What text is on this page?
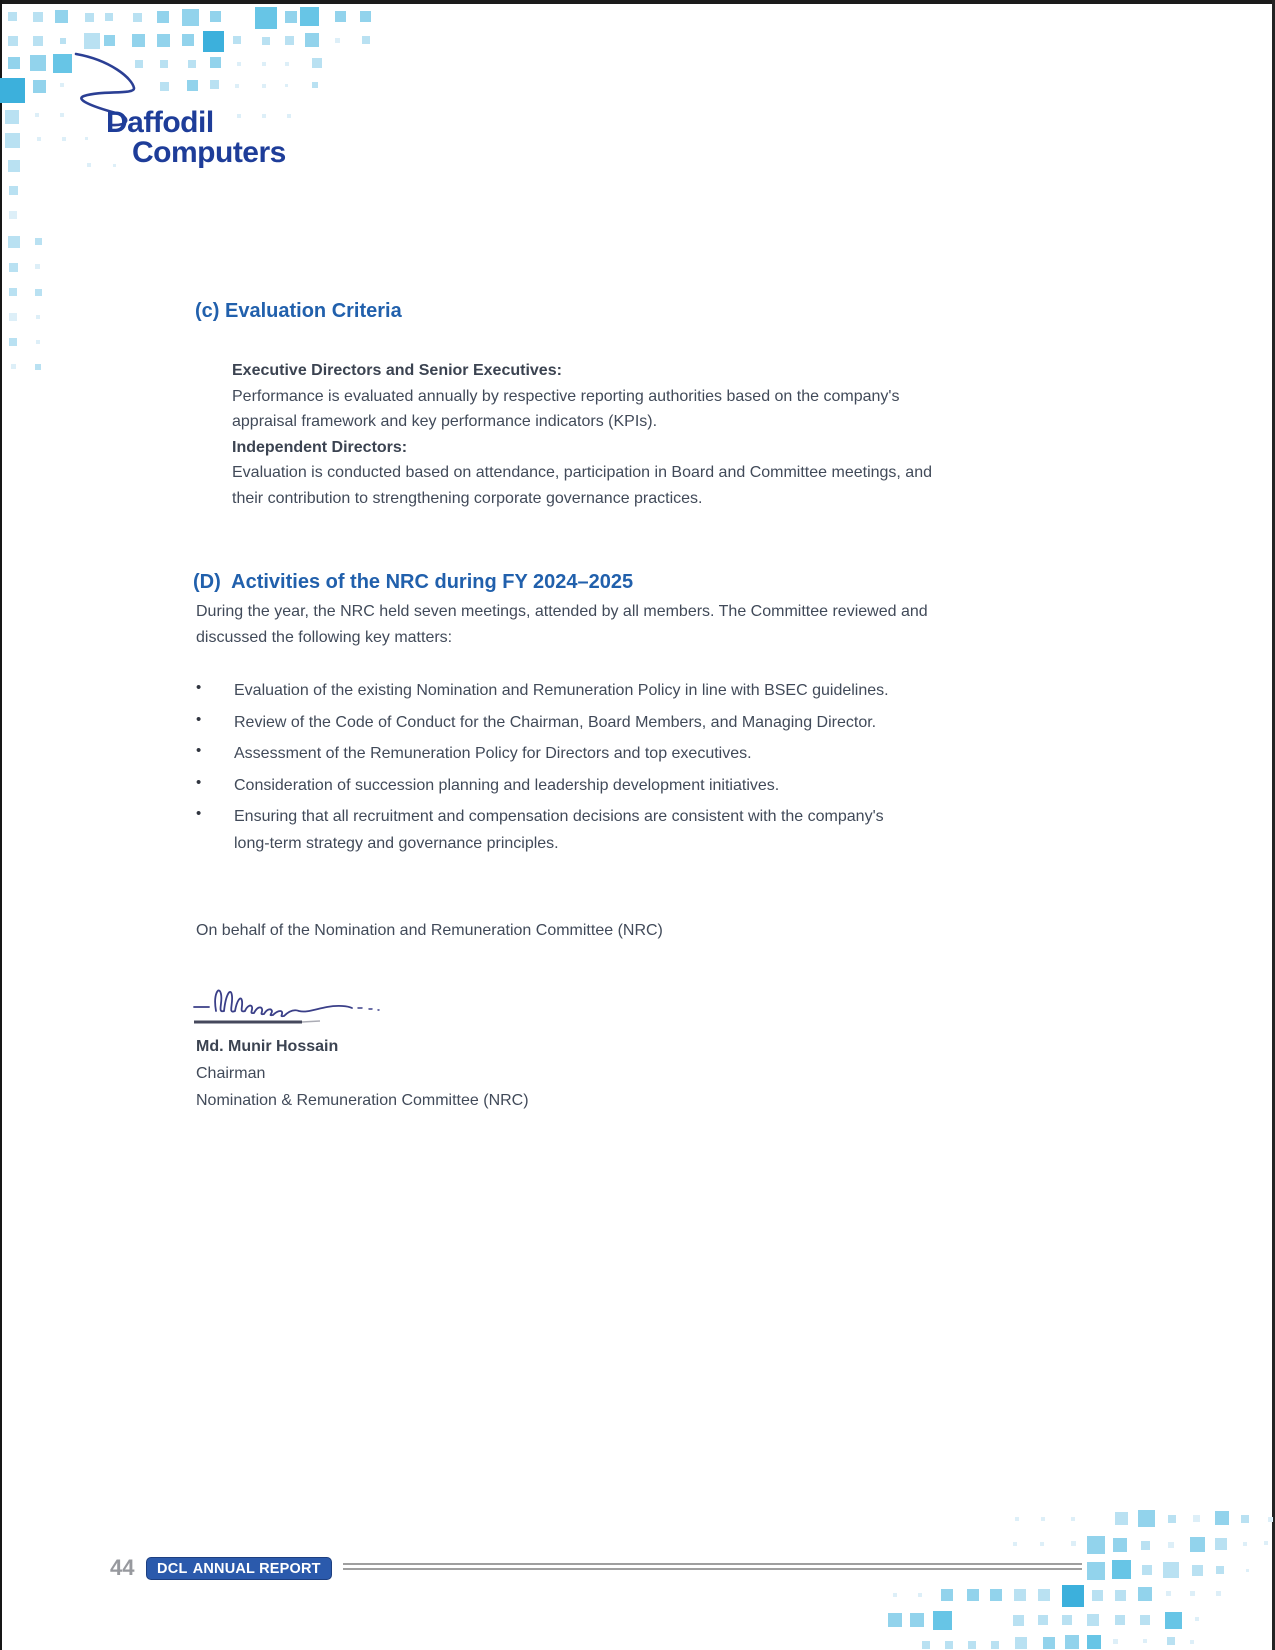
Daffodil
Computers
(c) Evaluation Criteria
Executive Directors and Senior Executives:
Performance is evaluated annually by respective reporting authorities based on the company's
appraisal framework and key performance indicators (KPIs).
Independent Directors:
Evaluation is conducted based on attendance, participation in Board and Committee meetings, and
their contribution to strengthening corporate governance practices.
(D)  Activities of the NRC during FY 2024–2025
During the year, the NRC held seven meetings, attended by all members. The Committee reviewed and
discussed the following key matters:
•	Evaluation of the existing Nomination and Remuneration Policy in line with BSEC guidelines.
•	Review of the Code of Conduct for the Chairman, Board Members, and Managing Director.
•	Assessment of the Remuneration Policy for Directors and top executives.
•	Consideration of succession planning and leadership development initiatives.
•	Ensuring that all recruitment and compensation decisions are consistent with the company's
long-term strategy and governance principles.
On behalf of the Nomination and Remuneration Committee (NRC)
Md. Munir Hossain
Chairman
Nomination & Remuneration Committee (NRC)
44 DCL ANNUAL REPORT
